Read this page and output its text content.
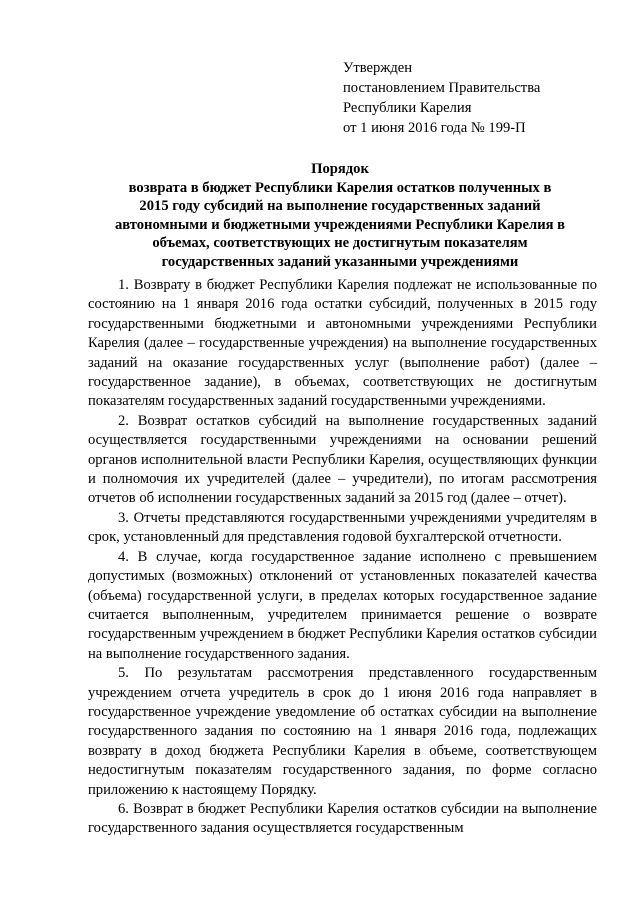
Утвержден
постановлением Правительства
Республики Карелия
от 1 июня 2016 года № 199-П
Порядок
возврата в бюджет Республики Карелия остатков полученных в
2015 году субсидий на выполнение государственных заданий
автономными и бюджетными учреждениями Республики Карелия в
объемах, соответствующих не достигнутым показателям
государственных заданий указанными учреждениями

1. Возврату в бюджет Республики Карелия подлежат не использованные по состоянию на 1 января 2016 года остатки субсидий, полученных в 2015 году государственными бюджетными и автономными учреждениями Республики Карелия (далее – государственные учреждения) на выполнение государственных заданий на оказание государственных услуг (выполнение работ) (далее – государственное задание), в объемах, соответствующих не достигнутым показателям государственных заданий государственными учреждениями.

2. Возврат остатков субсидий на выполнение государственных заданий осуществляется государственными учреждениями на основании решений органов исполнительной власти Республики Карелия, осуществляющих функции и полномочия их учредителей (далее – учредители), по итогам рассмотрения отчетов об исполнении государственных заданий за 2015 год (далее – отчет).

3. Отчеты представляются государственными учреждениями учредителям в срок, установленный для представления годовой бухгалтерской отчетности.

4. В случае, когда государственное задание исполнено с превышением допустимых (возможных) отклонений от установленных показателей качества (объема) государственной услуги, в пределах которых государственное задание считается выполненным, учредителем принимается решение о возврате государственным учреждением в бюджет Республики Карелия остатков субсидии на выполнение государственного задания.

5. По результатам рассмотрения представленного государственным учреждением отчета учредитель в срок до 1 июня 2016 года направляет в государственное учреждение уведомление об остатках субсидии на выполнение государственного задания по состоянию на 1 января 2016 года, подлежащих возврату в доход бюджета Республики Карелия в объеме, соответствующем недостигнутым показателям государственного задания, по форме согласно приложению к настоящему Порядку.

6. Возврат в бюджет Республики Карелия остатков субсидии на выполнение государственного задания осуществляется государственным
